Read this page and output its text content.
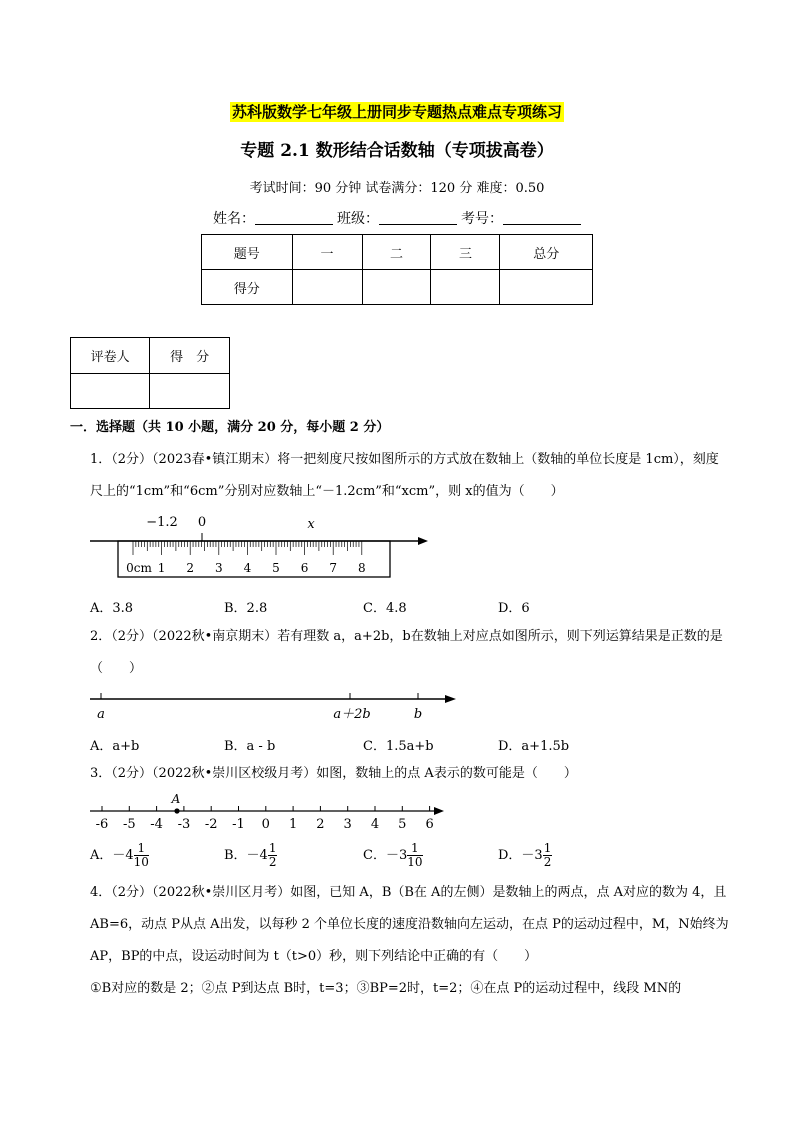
苏科版数学七年级上册同步专题热点难点专项练习
专题 2.1 数形结合话数轴（专项拔高卷）
考试时间：90 分钟 试卷满分：120 分 难度：0.50
姓名：	班级：	考号：
题号	一	二	三	总分
得分				
评卷人	得　分

一．选择题（共 10 小题，满分 20 分，每小题 2 分）
1．（2分）（2023春•镇江期末）将一把刻度尺按如图所示的方式放在数轴上（数轴的单位长度是 1cm），刻度尺上的“1cm”和“6cm”分别对应数轴上“－1.2cm”和“xcm”，则 x的值为（　　）
−1.2 0	x
0cm 1 2 3 4 5 6 7 8
A．3.8	B．2.8	C．4.8	D．6
2．（2分）（2022秋•南京期末）若有理数 a，a+2b，b在数轴上对应点如图所示，则下列运算结果是正数的是（　　）
a	a＋2b	b
A．a+b	B．a - b	C．1.5a+b	D．a+1.5b
3．（2分）（2022秋•崇川区校级月考）如图，数轴上的点 A表示的数可能是（　　）
A
-6 -5 -4 -3 -2 -1 0 1 2 3 4 5 6
A．$-4 \frac{1}{10}$	B．$-4 \frac{1}{2}$	C．$-3 \frac{1}{10}$	D．$-3 \frac{1}{2}$
4．（2分）（2022秋•崇川区月考）如图，已知 A，B（B在 A的左侧）是数轴上的两点，点 A对应的数为 4，且 AB=6，动点 P从点 A出发，以每秒 2 个单位长度的速度沿数轴向左运动，在点 P的运动过程中，M，N始终为 AP，BP的中点，设运动时间为 t（t>0）秒，则下列结论中正确的有（　　）
①B对应的数是 2；②点 P到达点 B时，t=3；③BP=2时，t=2；④在点 P的运动过程中，线段 MN的
